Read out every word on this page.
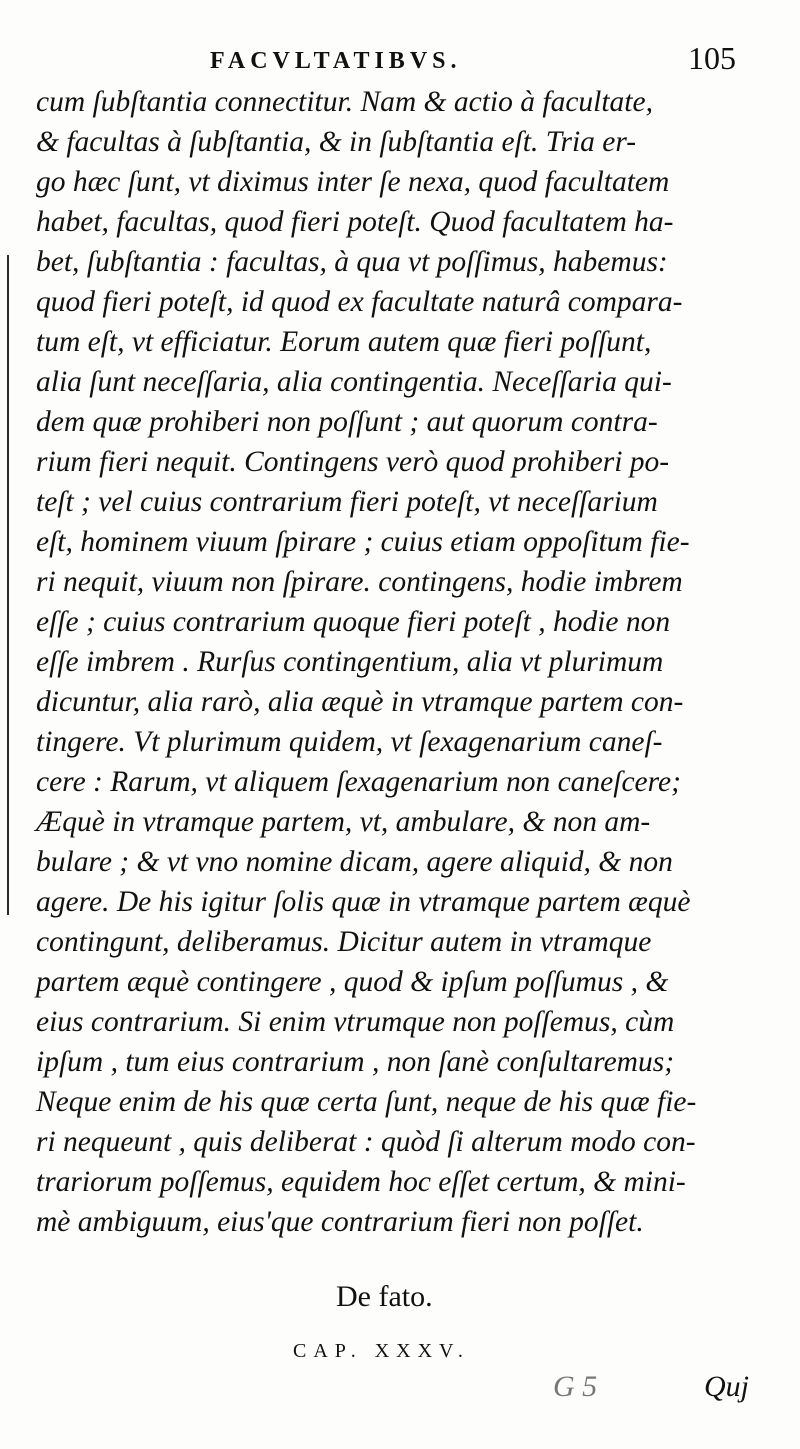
FACVLTATIBVS.	105
cum ſubſtantia connectitur. Nam & actio à facultate,
& facultas à ſubſtantia, & in ſubſtantia eſt. Tria er-
go hæc ſunt, vt diximus inter ſe nexa, quod facultatem
habet, facultas, quod fieri poteſt. Quod facultatem ha-
bet, ſubſtantia : facultas, à qua vt poſſimus, habemus:
quod fieri poteſt, id quod ex facultate naturâ compara-
tum eſt, vt efficiatur. Eorum autem quæ fieri poſſunt,
alia ſunt neceſſaria, alia contingentia. Neceſſaria qui-
dem quæ prohiberi non poſſunt ; aut quorum contra-
rium fieri nequit. Contingens verò quod prohiberi po-
teſt ; vel cuius contrarium fieri poteſt, vt neceſſarium
eſt, hominem viuum ſpirare ; cuius etiam oppoſitum fie-
ri nequit, viuum non ſpirare. contingens, hodie imbrem
eſſe ; cuius contrarium quoque fieri poteſt , hodie non
eſſe imbrem . Rurſus contingentium, alia vt plurimum
dicuntur, alia rarò, alia æquè in vtramque partem con-
tingere. Vt plurimum quidem, vt ſexagenarium caneſ-
cere : Rarum, vt aliquem ſexagenarium non caneſcere;
Æquè in vtramque partem, vt, ambulare, & non am-
bulare ; & vt vno nomine dicam, agere aliquid, & non
agere. De his igitur ſolis quæ in vtramque partem æquè
contingunt, deliberamus. Dicitur autem in vtramque
partem æquè contingere , quod & ipſum poſſumus , &
eius contrarium. Si enim vtrumque non poſſemus, cùm
ipſum , tum eius contrarium , non ſanè conſultaremus;
Neque enim de his quæ certa ſunt, neque de his quæ fie-
ri nequeunt , quis deliberat : quòd ſi alterum modo con-
trariorum poſſemus, equidem hoc eſſet certum, & mini-
mè ambiguum, eius'que contrarium fieri non poſſet.
De fato.
CAP. XXXV.
G 5	Quj
